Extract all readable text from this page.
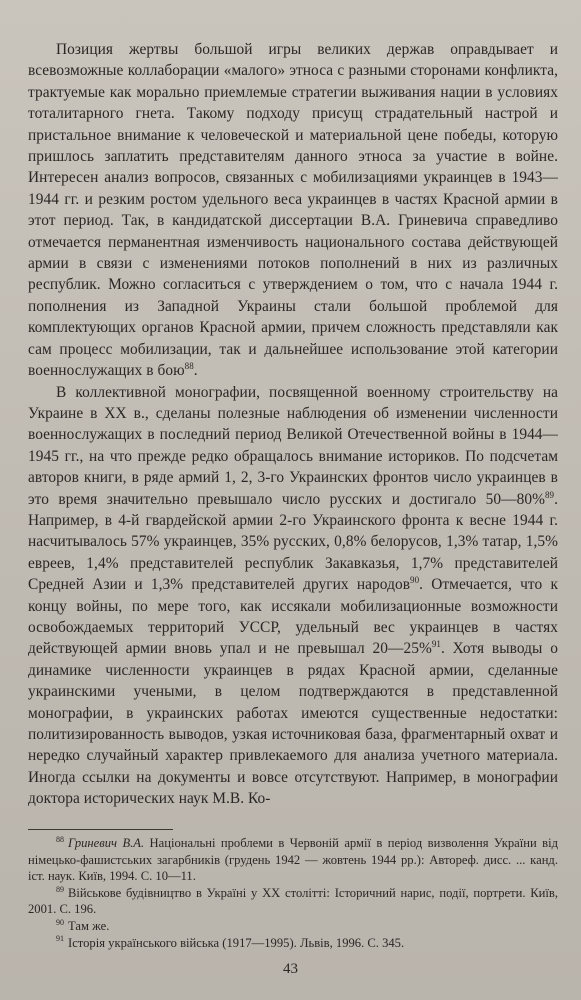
Позиция жертвы большой игры великих держав оправдывает и всевозможные коллаборации «малого» этноса с разными сторонами конфликта, трактуемые как морально приемлемые стратегии выживания нации в условиях тоталитарного гнета. Такому подходу присущ страдательный настрой и пристальное внимание к человеческой и материальной цене победы, которую пришлось заплатить представителям данного этноса за участие в войне. Интересен анализ вопросов, связанных с мобилизациями украинцев в 1943—1944 гг. и резким ростом удельного веса украинцев в частях Красной армии в этот период. Так, в кандидатской диссертации В.А. Гриневича справедливо отмечается перманентная изменчивость национального состава действующей армии в связи с изменениями потоков пополнений в них из различных республик. Можно согласиться с утверждением о том, что с начала 1944 г. пополнения из Западной Украины стали большой проблемой для комплектующих органов Красной армии, причем сложность представляли как сам процесс мобилизации, так и дальнейшее использование этой категории военнослужащих в бою$^{88}$.

В коллективной монографии, посвященной военному строительству на Украине в XX в., сделаны полезные наблюдения об изменении численности военнослужащих в последний период Великой Отечественной войны в 1944—1945 гг., на что прежде редко обращалось внимание историков. По подсчетам авторов книги, в ряде армий 1, 2, 3-го Украинских фронтов число украинцев в это время значительно превышало число русских и достигало 50—80%$^{89}$. Например, в 4-й гвардейской армии 2-го Украинского фронта к весне 1944 г. насчитывалось 57% украинцев, 35% русских, 0,8% белорусов, 1,3% татар, 1,5% евреев, 1,4% представителей республик Закавказья, 1,7% представителей Средней Азии и 1,3% представителей других народов$^{90}$. Отмечается, что к концу войны, по мере того, как иссякали мобилизационные возможности освобождаемых территорий УССР, удельный вес украинцев в частях действующей армии вновь упал и не превышал 20—25%$^{91}$. Хотя выводы о динамике численности украинцев в рядах Красной армии, сделанные украинскими учеными, в целом подтверждаются в представленной монографии, в украинских работах имеются существенные недостатки: политизированность выводов, узкая источниковая база, фрагментарный охват и нередко случайный характер привлекаемого для анализа учетного материала. Иногда ссылки на документы и вовсе отсутствуют. Например, в монографии доктора исторических наук М.В. Ко-

$^{88}$ Гриневич В.А. Національні проблеми в Червоній армії в період визволення України від німецько-фашистських загарбників (грудень 1942 — жовтень 1944 рр.): Автореф. дисс. ... канд. іст. наук. Київ, 1994. С. 10—11.

$^{89}$ Військове будівництво в Україні у XX столітті: Історичний нарис, події, портрети. Київ, 2001. С. 196.

$^{90}$ Там же.

$^{91}$ Історія українського війська (1917—1995). Львів, 1996. С. 345.

43
